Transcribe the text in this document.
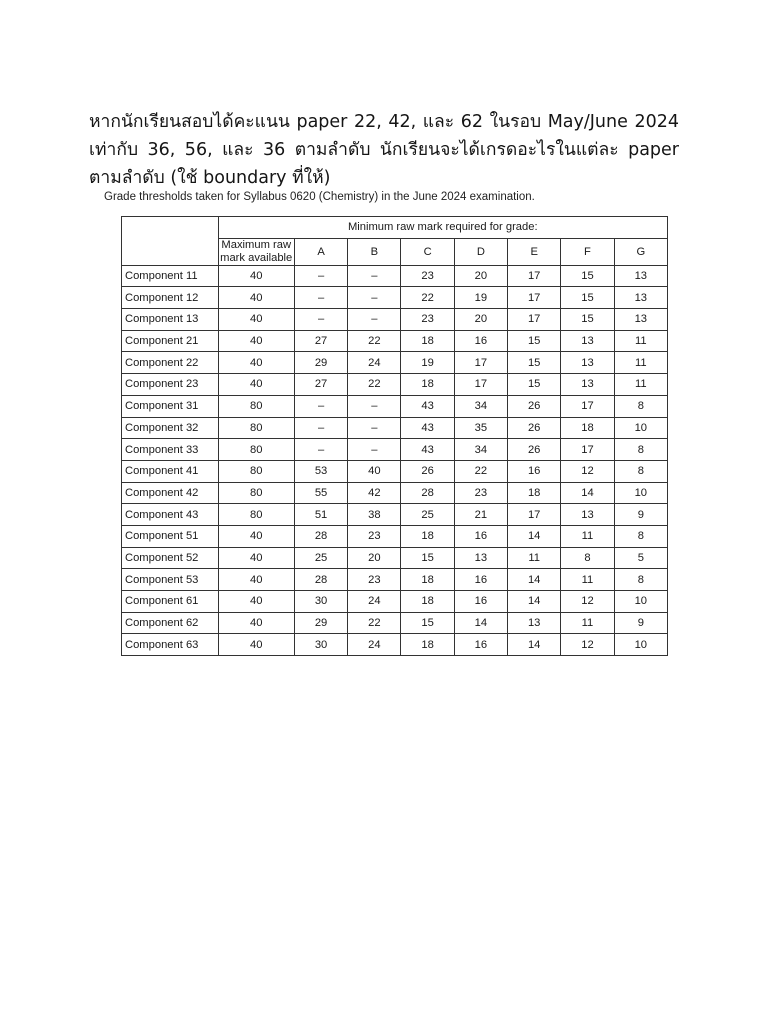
หากนักเรียนสอบได้คะแนน paper 22, 42, และ 62 ในรอบ May/June 2024 เท่ากับ 36, 56, และ 36 ตามลำดับ นักเรียนจะได้เกรดอะไรในแต่ละ paper ตามลำดับ (ใช้ boundary ที่ให้)

Grade thresholds taken for Syllabus 0620 (Chemistry) in the June 2024 examination.
	Minimum raw mark required for grade:							
	Maximum raw mark available	A	B	C	D	E	F	G
Component 11	40	–	–	23	20	17	15	13
Component 12	40	–	–	22	19	17	15	13
Component 13	40	–	–	23	20	17	15	13
Component 21	40	27	22	18	16	15	13	11
Component 22	40	29	24	19	17	15	13	11
Component 23	40	27	22	18	17	15	13	11
Component 31	80	–	–	43	34	26	17	8
Component 32	80	–	–	43	35	26	18	10
Component 33	80	–	–	43	34	26	17	8
Component 41	80	53	40	26	22	16	12	8
Component 42	80	55	42	28	23	18	14	10
Component 43	80	51	38	25	21	17	13	9
Component 51	40	28	23	18	16	14	11	8
Component 52	40	25	20	15	13	11	8	5
Component 53	40	28	23	18	16	14	11	8
Component 61	40	30	24	18	16	14	12	10
Component 62	40	29	22	15	14	13	11	9
Component 63	40	30	24	18	16	14	12	10
